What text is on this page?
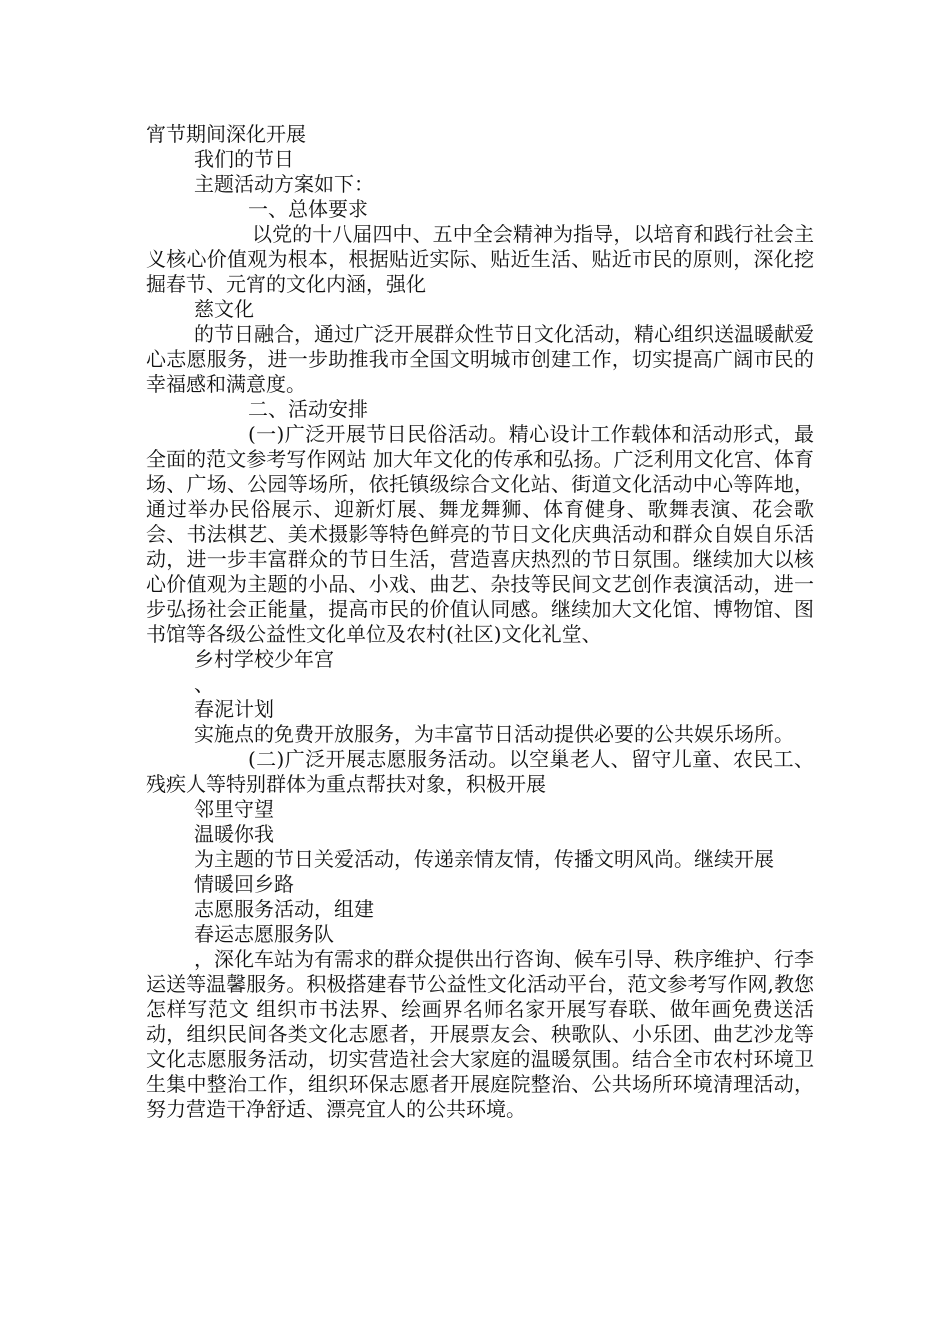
宵节期间深化开展

我们的节日

主题活动方案如下：

一、总体要求

以党的十八届四中、五中全会精神为指导，以培育和践行社会主义核心价值观为根本，根据贴近实际、贴近生活、贴近市民的原则，深化挖掘春节、元宵的文化内涵，强化

慈文化

的节日融合，通过广泛开展群众性节日文化活动，精心组织送温暖献爱心志愿服务，进一步助推我市全国文明城市创建工作，切实提高广阔市民的幸福感和满意度。

二、活动安排

(一)广泛开展节日民俗活动。精心设计工作载体和活动形式，最全面的范文参考写作网站 加大年文化的传承和弘扬。广泛利用文化宫、体育场、广场、公园等场所，依托镇级综合文化站、街道文化活动中心等阵地，通过举办民俗展示、迎新灯展、舞龙舞狮、体育健身、歌舞表演、花会歌会、书法棋艺、美术摄影等特色鲜亮的节日文化庆典活动和群众自娱自乐活动，进一步丰富群众的节日生活，营造喜庆热烈的节日氛围。继续加大以核心价值观为主题的小品、小戏、曲艺、杂技等民间文艺创作表演活动，进一步弘扬社会正能量，提高市民的价值认同感。继续加大文化馆、博物馆、图书馆等各级公益性文化单位及农村(社区)文化礼堂、

乡村学校少年宫

、

春泥计划

实施点的免费开放服务，为丰富节日活动提供必要的公共娱乐场所。

(二)广泛开展志愿服务活动。以空巢老人、留守儿童、农民工、残疾人等特别群体为重点帮扶对象，积极开展

邻里守望

温暖你我

为主题的节日关爱活动，传递亲情友情，传播文明风尚。继续开展

情暖回乡路

志愿服务活动，组建

春运志愿服务队

，深化车站为有需求的群众提供出行咨询、候车引导、秩序维护、行李运送等温馨服务。积极搭建春节公益性文化活动平台，范文参考写作网,教您怎样写范文 组织市书法界、绘画界名师名家开展写春联、做年画免费送活动，组织民间各类文化志愿者，开展票友会、秧歌队、小乐团、曲艺沙龙等文化志愿服务活动，切实营造社会大家庭的温暖氛围。结合全市农村环境卫生集中整治工作，组织环保志愿者开展庭院整治、公共场所环境清理活动，努力营造干净舒适、漂亮宜人的公共环境。
